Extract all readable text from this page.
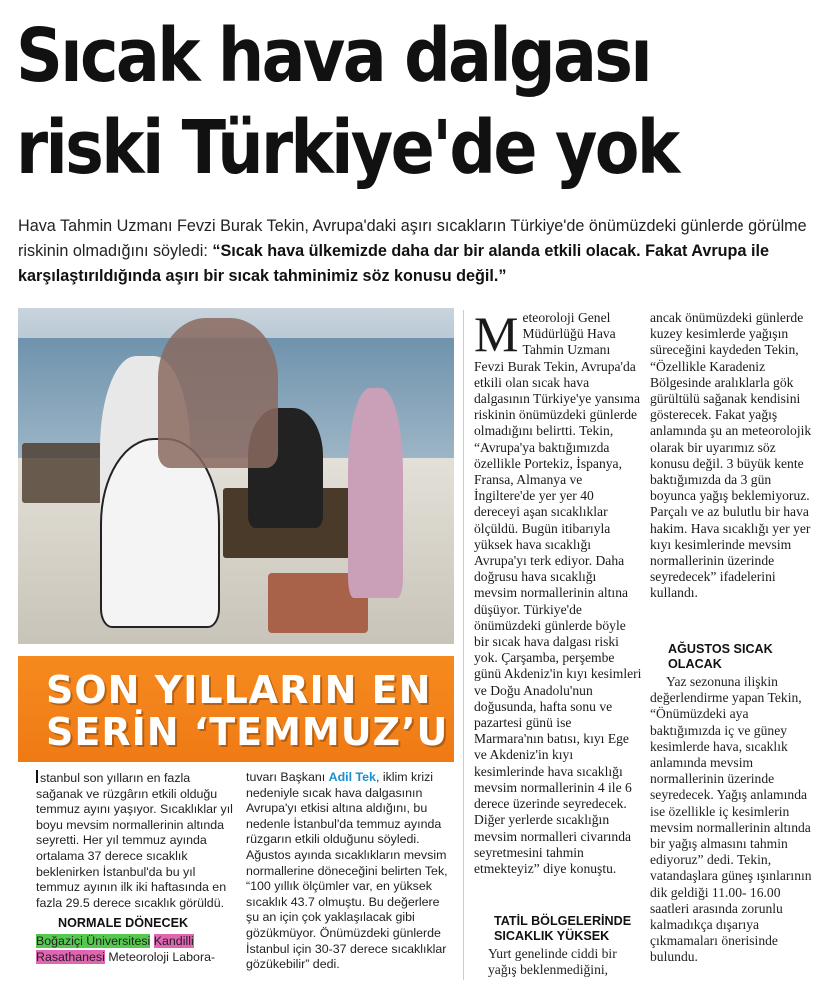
Sıcak hava dalgası
riski Türkiye'de yok
Hava Tahmin Uzmanı Fevzi Burak Tekin, Avrupa'daki aşırı sıcakların Türkiye'de önümüzdeki günlerde görülme riskinin olmadığını söyledi: “Sıcak hava ülkemizde daha dar bir alanda etkili olacak. Fakat Avrupa ile karşılaştırıldığında aşırı bir sıcak tahminimiz söz konusu değil.”
SON YILLARIN EN
SERİN ‘TEMMUZ’U

stanbul son yılların en fazla sağanak ve rüzgârın etkili olduğu temmuz ayını yaşıyor. Sıcaklıklar yıl boyu mevsim normallerinin altında seyretti. Her yıl temmuz ayında ortalama 37 derece sıcaklık beklenirken İstanbul'da bu yıl temmuz ayının ilk iki haftasında en fazla 29.5 derece sıcaklık görüldü.

NORMALE DÖNECEK
Boğaziçi Üniversitesi Kandilli Rasathanesi Meteoroloji Labora-

tuvarı Başkanı Adil Tek, iklim krizi nedeniyle sıcak hava dalgasının Avrupa'yı etkisi altına aldığını, bu nedenle İstanbul'da temmuz ayında rüzgarın etkili olduğunu söyledi. Ağustos ayında sıcaklıkların mevsim normallerine döneceğini belirten Tek, “100 yıllık ölçümler var, en yüksek sıcaklık 43.7 olmuştu. Bu değerlere şu an için çok yaklaşılacak gibi gözükmüyor. Önümüzdeki günlerde İstanbul için 30-37 derece sıcaklıklar gözükebilir” dedi.

Meteoroloji Genel Müdürlüğü Hava Tahmin Uzmanı Fevzi Burak Tekin, Avrupa'da etkili olan sıcak hava dalgasının Türkiye'ye yansıma riskinin önümüzdeki günlerde olmadığını belirtti. Tekin, “Avrupa'ya baktığımızda özellikle Portekiz, İspanya, Fransa, Almanya ve İngiltere'de yer yer 40 dereceyi aşan sıcaklıklar ölçüldü. Bugün itibarıyla yüksek hava sıcaklığı Avrupa'yı terk ediyor. Daha doğrusu hava sıcaklığı mevsim normallerinin altına düşüyor. Türkiye'de önümüzdeki günlerde böyle bir sıcak hava dalgası riski yok. Çarşamba, perşembe günü Akdeniz'in kıyı kesimleri ve Doğu Anadolu'nun doğusunda, hafta sonu ve pazartesi günü ise Marmara'nın batısı, kıyı Ege ve Akdeniz'in kıyı kesimlerinde hava sıcaklığı mevsim normallerinin 4 ile 6 derece üzerinde seyredecek. Diğer yerlerde sıcaklığın mevsim normalleri civarında seyretmesini tahmin etmekteyiz” diye konuştu.

TATİL BÖLGELERİNDE SICAKLIK YÜKSEK
Yurt genelinde ciddi bir yağış beklenmediğini,

ancak önümüzdeki günlerde kuzey kesimlerde yağışın süreceğini kaydeden Tekin, “Özellikle Karadeniz Bölgesinde aralıklarla gök gürültülü sağanak kendisini gösterecek. Fakat yağış anlamında şu an meteorolojik olarak bir uyarımız söz konusu değil. 3 büyük kente baktığımızda da 3 gün boyunca yağış beklemiyoruz. Parçalı ve az bulutlu bir hava hakim. Hava sıcaklığı yer yer kıyı kesimlerinde mevsim normallerinin üzerinde seyredecek” ifadelerini kullandı.

AĞUSTOS SICAK OLACAK
Yaz sezonuna ilişkin değerlendirme yapan Tekin, “Önümüzdeki aya baktığımızda iç ve güney kesimlerde hava, sıcaklık anlamında mevsim normallerinin üzerinde seyredecek. Yağış anlamında ise özellikle iç kesimlerin mevsim normallerinin altında bir yağış almasını tahmin ediyoruz” dedi. Tekin, vatandaşlara güneş ışınlarının dik geldiği 11.00- 16.00 saatleri arasında zorunlu kalmadıkça dışarıya çıkmamaları önerisinde bulundu.
